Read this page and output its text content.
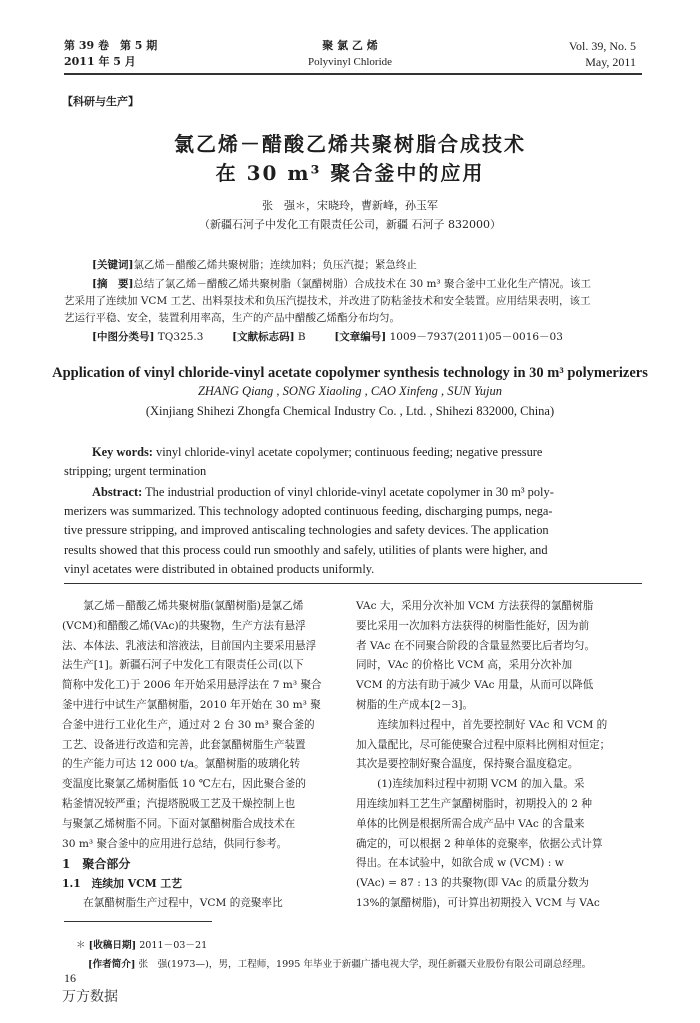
第 39 卷　第 5 期
2011 年 5 月
聚 氯 乙 烯
Polyvinyl Chloride
Vol. 39, No. 5
May, 2011
【科研与生产】
氯乙烯－醋酸乙烯共聚树脂合成技术
在 30 m³ 聚合釜中的应用
张　强＊，宋晓玲，曹新峰，孙玉军
（新疆石河子中发化工有限责任公司，新疆 石河子 832000）
[关键词]氯乙烯－醋酸乙烯共聚树脂；连续加料；负压汽提；紧急终止
[摘　要]总结了氯乙烯－醋酸乙烯共聚树脂（氯醋树脂）合成技术在 30 m³ 聚合釜中工业化生产情况。该工
艺采用了连续加 VCM 工艺、出料泵技术和负压汽提技术，并改进了防粘釜技术和安全装置。应用结果表明，该工
艺运行平稳、安全，装置利用率高，生产的产品中醋酸乙烯酯分布均匀。
[中图分类号] TQ325.3	[文献标志码] B	[文章编号] 1009－7937(2011)05－0016－03
Application of vinyl chloride-vinyl acetate copolymer synthesis technology in 30 m³ polymerizers
ZHANG Qiang , SONG Xiaoling , CAO Xinfeng , SUN Yujun
(Xinjiang Shihezi Zhongfa Chemical Industry Co. , Ltd. , Shihezi 832000, China)
Key words: vinyl chloride-vinyl acetate copolymer; continuous feeding; negative pressure
stripping; urgent termination
Abstract: The industrial production of vinyl chloride-vinyl acetate copolymer in 30 m³ poly-
merizers was summarized. This technology adopted continuous feeding, discharging pumps, nega-
tive pressure stripping, and improved antiscaling technologies and safety devices. The application
results showed that this process could run smoothly and safely, utilities of plants were higher, and
vinyl acetates were distributed in obtained products uniformly.

　　氯乙烯－醋酸乙烯共聚树脂(氯醋树脂)是氯乙烯

(VCM)和醋酸乙烯(VAc)的共聚物，生产方法有悬浮

法、本体法、乳液法和溶液法，目前国内主要采用悬浮

法生产[1]。新疆石河子中发化工有限责任公司(以下

简称中发化工)于 2006 年开始采用悬浮法在 7 m³ 聚合

釜中进行中试生产氯醋树脂，2010 年开始在 30 m³ 聚

合釜中进行工业化生产，通过对 2 台 30 m³ 聚合釜的

工艺、设备进行改造和完善，此套氯醋树脂生产装置

的生产能力可达 12 000 t/a。氯醋树脂的玻璃化转

变温度比聚氯乙烯树脂低 10 ℃左右，因此聚合釜的

粘釜情况较严重；汽提塔脱吸工艺及干燥控制上也

与聚氯乙烯树脂不同。下面对氯醋树脂合成技术在

30 m³ 聚合釜中的应用进行总结，供同行参考。

1　聚合部分

1.1　连续加 VCM 工艺

　　在氯醋树脂生产过程中，VCM 的竞聚率比

VAc 大，采用分次补加 VCM 方法获得的氯醋树脂

要比采用一次加料方法获得的树脂性能好，因为前

者 VAc 在不同聚合阶段的含量显然要比后者均匀。

同时，VAc 的价格比 VCM 高，采用分次补加

VCM 的方法有助于减少 VAc 用量，从而可以降低

树脂的生产成本[2－3]。

　　连续加料过程中，首先要控制好 VAc 和 VCM 的

加入量配比，尽可能使聚合过程中原料比例相对恒定；

其次是要控制好聚合温度，保持聚合温度稳定。

　　(1)连续加料过程中初期 VCM 的加入量。采

用连续加料工艺生产氯醋树脂时，初期投入的 2 种

单体的比例是根据所需合成产品中 VAc 的含量来

确定的，可以根据 2 种单体的竞聚率，依据公式计算

得出。在本试验中，如欲合成 w (VCM) : w

(VAc) = 87 : 13 的共聚物(即 VAc 的质量分数为

13%的氯醋树脂)，可计算出初期投入 VCM 与 VAc

＊ [收稿日期] 2011－03－21
[作者简介] 张　强(1973—)，男，工程师，1995 年毕业于新疆广播电视大学，现任新疆天业股份有限公司副总经理。
16
万方数据
